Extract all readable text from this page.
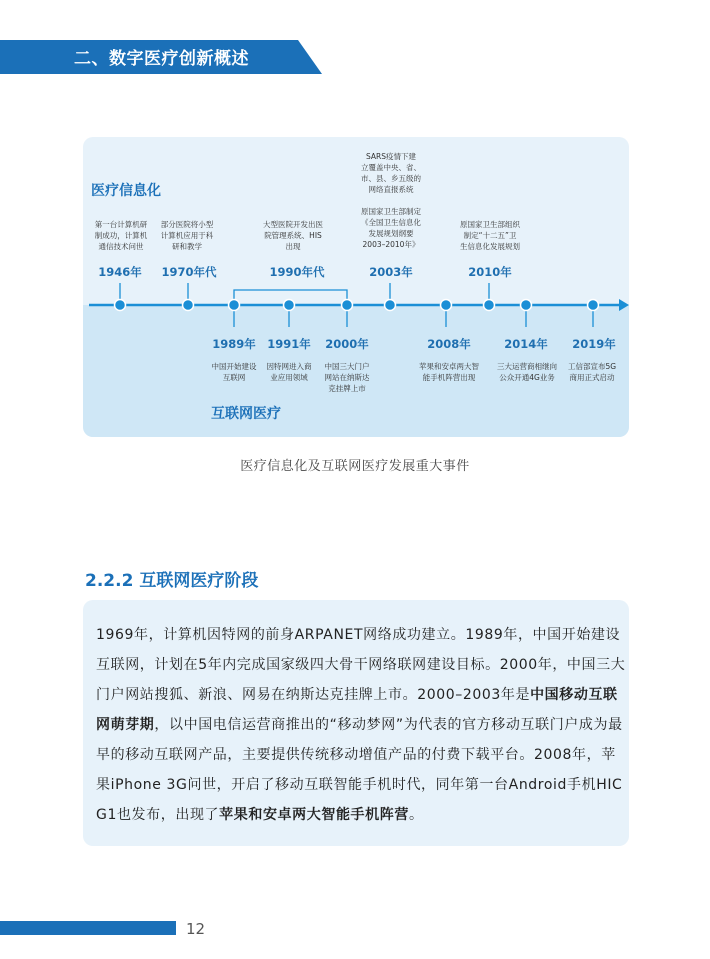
二、数字医疗创新概述
医疗信息化
互联网医疗
第一台计算机研
制成功，计算机
通信技术问世
1946年
部分医院将小型
计算机应用于科
研和教学
1970年代
大型医院开发出医
院管理系统、HIS
出现
1990年代
SARS疫情下建
立覆盖中央、省、
市、县、乡五级的
网络直报系统

原国家卫生部制定
《全国卫生信息化
发展规划纲要
2003–2010年》
2003年
原国家卫生部组织
制定“十二五”卫
生信息化发展规划
2010年
1989年
中国开始建设
互联网
1991年
因特网进入商
业应用领域
2000年
中国三大门户
网站在纳斯达
克挂牌上市
2008年
苹果和安卓两大智
能手机阵营出现
2014年
三大运营商相继向
公众开通4G业务
2019年
工信部宣布5G
商用正式启动
医疗信息化及互联网医疗发展重大事件
2.2.2 互联网医疗阶段
1969年，计算机因特网的前身ARPANET网络成功建立。1989年，中国开始建设互联网，计划在5年内完成国家级四大骨干网络联网建设目标。2000年，中国三大门户网站搜狐、新浪、网易在纳斯达克挂牌上市。2000–2003年是中国移动互联网萌芽期，以中国电信运营商推出的“移动梦网”为代表的官方移动互联门户成为最早的移动互联网产品，主要提供传统移动增值产品的付费下载平台。2008年，苹果iPhone 3G问世，开启了移动互联智能手机时代，同年第一台Android手机HIC G1也发布，出现了苹果和安卓两大智能手机阵营。
12
